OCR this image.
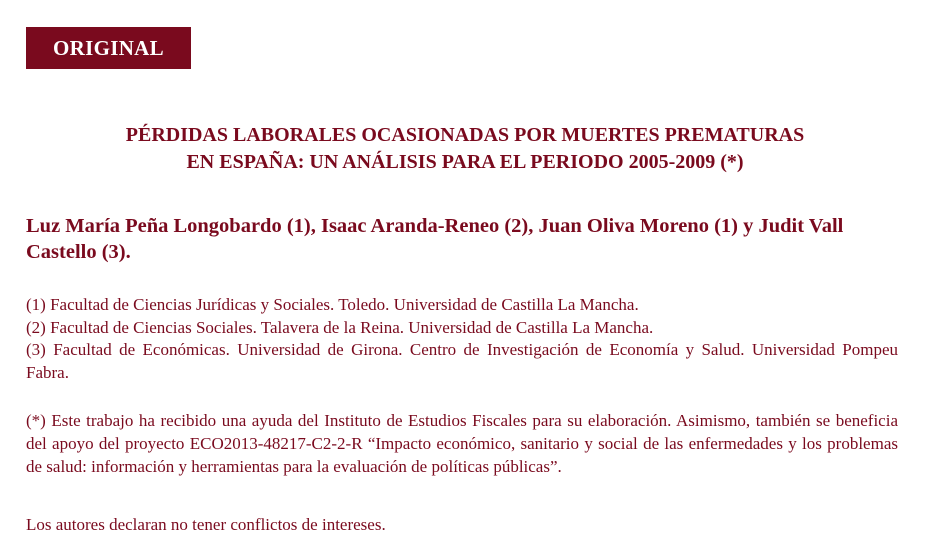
ORIGINAL
PÉRDIDAS LABORALES OCASIONADAS POR MUERTES PREMATURAS
EN ESPAÑA: UN ANÁLISIS PARA EL PERIODO 2005-2009 (*)
Luz María Peña Longobardo (1), Isaac Aranda-Reneo (2), Juan Oliva Moreno (1) y Judit Vall Castello (3).
(1) Facultad de Ciencias Jurídicas y Sociales. Toledo. Universidad de Castilla La Mancha.
(2) Facultad de Ciencias Sociales. Talavera de la Reina. Universidad de Castilla La Mancha.
(3) Facultad de Económicas. Universidad de Girona. Centro de Investigación de Economía y Salud. Universidad Pompeu Fabra.
(*) Este trabajo ha recibido una ayuda del Instituto de Estudios Fiscales para su elaboración. Asimismo, también se beneficia del apoyo del proyecto ECO2013-48217-C2-2-R “Impacto económico, sanitario y social de las enfermedades y los problemas de salud: información y herramientas para la evaluación de políticas públicas”.
Los autores declaran no tener conflictos de intereses.
